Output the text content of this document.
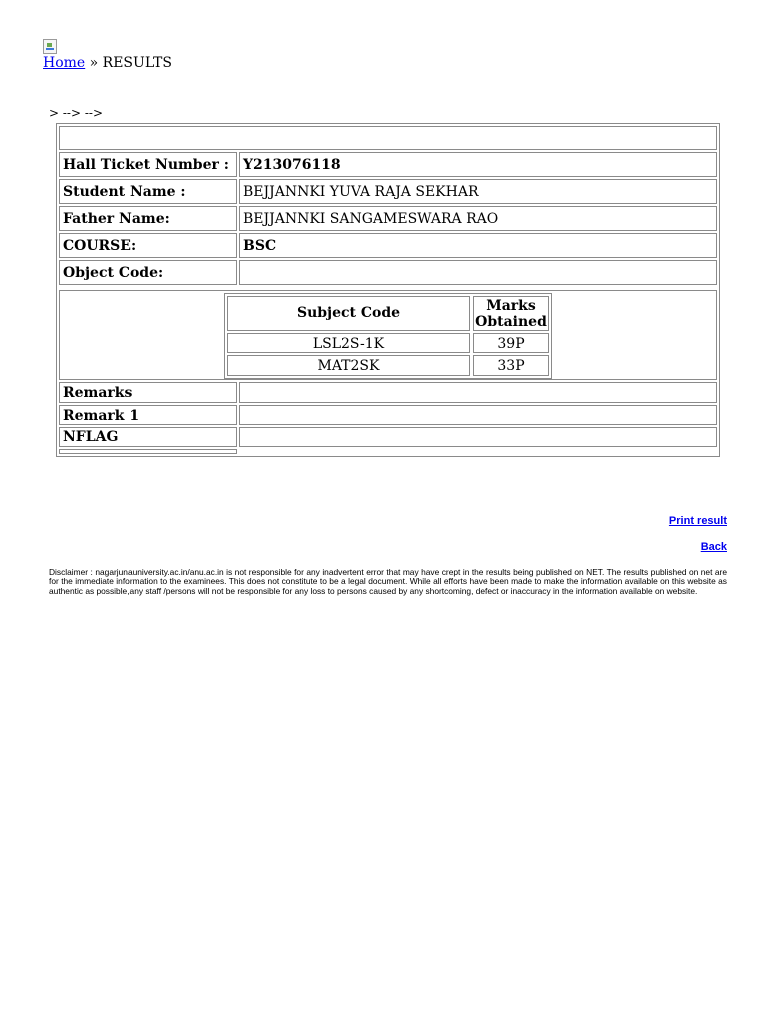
Home » RESULTS
> --> -->
Hall Ticket Number :	Y213076118
Student Name :	BEJJANNKI YUVA RAJA SEKHAR
Father Name:	BEJJANNKI SANGAMESWARA RAO
COURSE:	BSC
Object Code:
Subject Code	Marks
Obtained
LSL2S-1K	39P
MAT2SK	33P
Remarks
Remark 1
NFLAG
Print result
Back
Disclaimer : nagarjunauniversity.ac.in/anu.ac.in is not responsible for any inadvertent error that may have crept in the results being published on NET. The results published on net are for the immediate information to the examinees. This does not constitute to be a legal document. While all efforts have been made to make the information available on this website as authentic as possible,any staff /persons will not be responsible for any loss to persons caused by any shortcoming, defect or inaccuracy in the information available on website.
